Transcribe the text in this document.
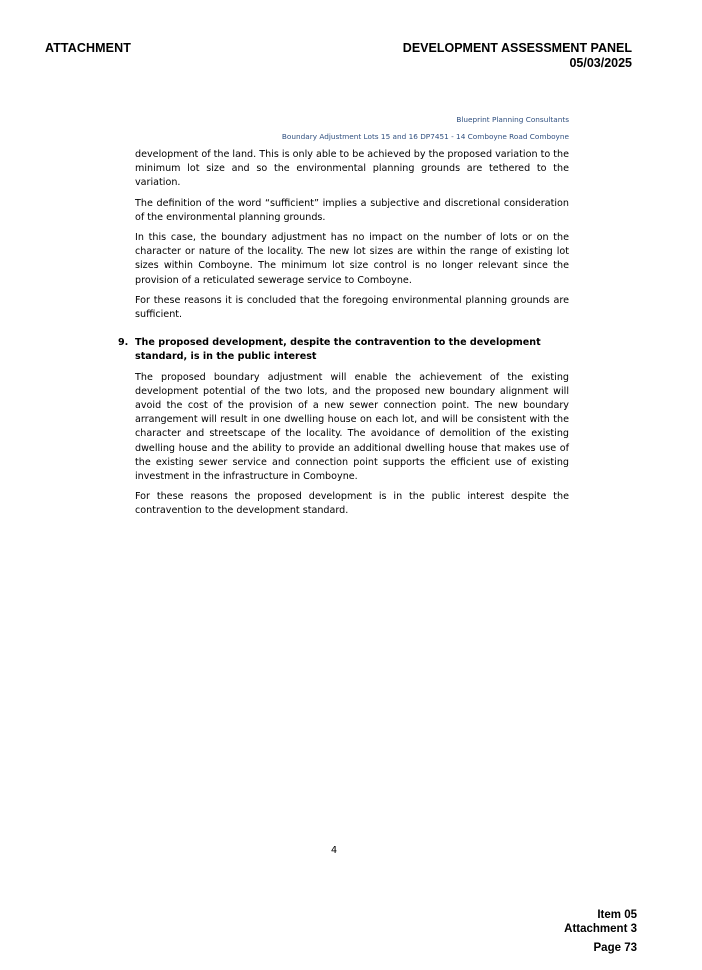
ATTACHMENT	DEVELOPMENT ASSESSMENT PANEL
05/03/2025
Blueprint Planning Consultants
Boundary Adjustment Lots 15 and 16 DP7451 - 14 Comboyne Road Comboyne

development of the land. This is only able to be achieved by the proposed variation to the minimum lot size and so the environmental planning grounds are tethered to the variation.

The definition of the word “sufficient” implies a subjective and discretional consideration of the environmental planning grounds.

In this case, the boundary adjustment has no impact on the number of lots or on the character or nature of the locality. The new lot sizes are within the range of existing lot sizes within Comboyne. The minimum lot size control is no longer relevant since the provision of a reticulated sewerage service to Comboyne.

For these reasons it is concluded that the foregoing environmental planning grounds are sufficient.

9. The proposed development, despite the contravention to the development standard, is in the public interest

The proposed boundary adjustment will enable the achievement of the existing development potential of the two lots, and the proposed new boundary alignment will avoid the cost of the provision of a new sewer connection point. The new boundary arrangement will result in one dwelling house on each lot, and will be consistent with the character and streetscape of the locality. The avoidance of demolition of the existing dwelling house and the ability to provide an additional dwelling house that makes use of the existing sewer service and connection point supports the efficient use of existing investment in the infrastructure in Comboyne.

For these reasons the proposed development is in the public interest despite the contravention to the development standard.

4
Item 05
Attachment 3
Page 73
